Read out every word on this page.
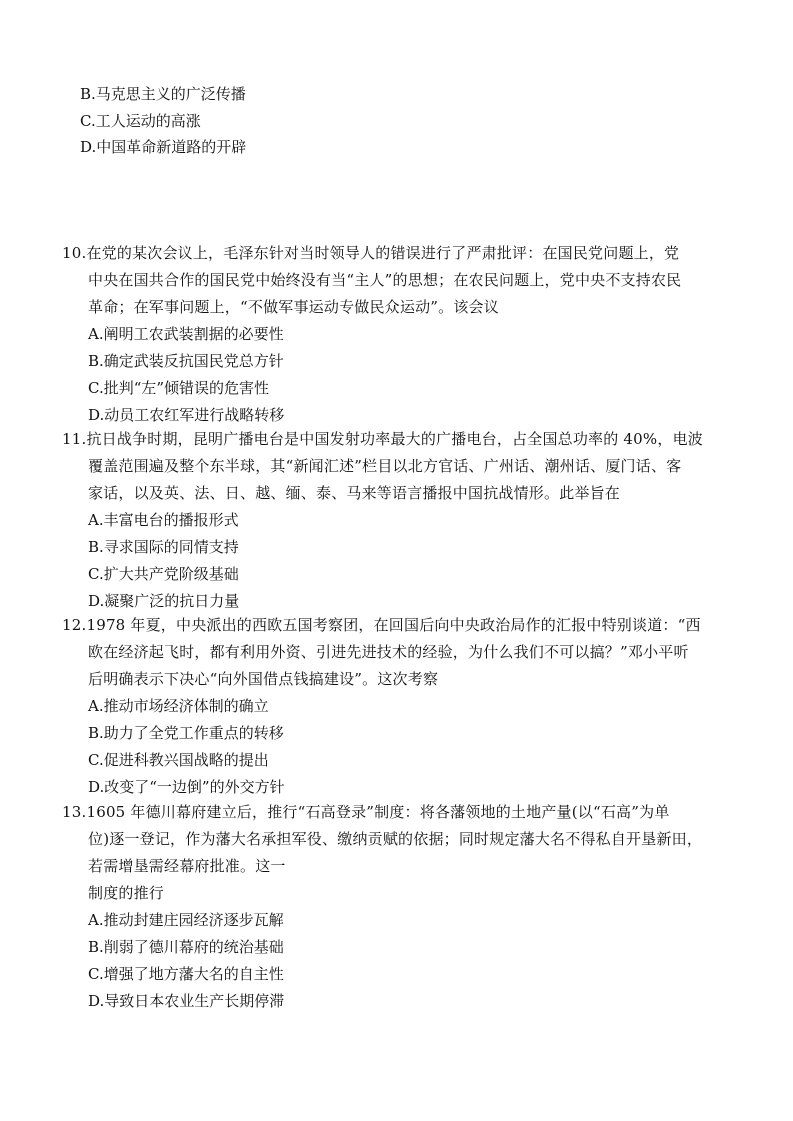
B.马克思主义的广泛传播
C.工人运动的高涨
D.中国革命新道路的开辟
10.在党的某次会议上，毛泽东针对当时领导人的错误进行了严肃批评：在国民党问题上，党
中央在国共合作的国民党中始终没有当“主人”的思想；在农民问题上，党中央不支持农民
革命；在军事问题上，“不做军事运动专做民众运动”。该会议
A.阐明工农武装割据的必要性
B.确定武装反抗国民党总方针
C.批判“左”倾错误的危害性
D.动员工农红军进行战略转移
11.抗日战争时期，昆明广播电台是中国发射功率最大的广播电台，占全国总功率的 40%，电波
覆盖范围遍及整个东半球，其“新闻汇述”栏目以北方官话、广州话、潮州话、厦门话、客
家话，以及英、法、日、越、缅、泰、马来等语言播报中国抗战情形。此举旨在
A.丰富电台的播报形式
B.寻求国际的同情支持
C.扩大共产党阶级基础
D.凝聚广泛的抗日力量
12.1978 年夏，中央派出的西欧五国考察团，在回国后向中央政治局作的汇报中特别谈道：“西
欧在经济起飞时，都有利用外资、引进先进技术的经验，为什么我们不可以搞？”邓小平听
后明确表示下决心“向外国借点钱搞建设”。这次考察
A.推动市场经济体制的确立
B.助力了全党工作重点的转移
C.促进科教兴国战略的提出
D.改变了“一边倒”的外交方针
13.1605 年德川幕府建立后，推行“石高登录”制度：将各藩领地的土地产量(以“石高”为单
位)逐一登记，作为藩大名承担军役、缴纳贡赋的依据；同时规定藩大名不得私自开垦新田，
若需增垦需经幕府批准。这一
制度的推行
A.推动封建庄园经济逐步瓦解
B.削弱了德川幕府的统治基础
C.增强了地方藩大名的自主性
D.导致日本农业生产长期停滞
